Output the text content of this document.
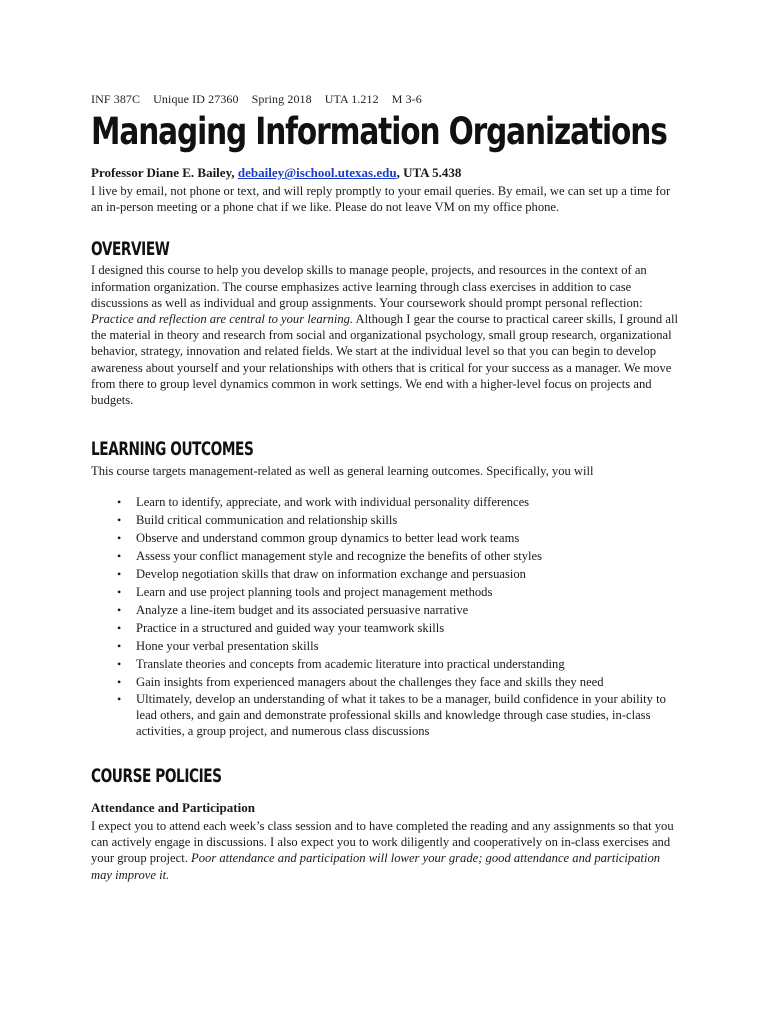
INF 387C Unique ID 27360 Spring 2018 UTA 1.212 M 3-6
Managing Information Organizations
Professor Diane E. Bailey, debailey@ischool.utexas.edu, UTA 5.438

I live by email, not phone or text, and will reply promptly to your email queries. By email, we can set up a time for an in-person meeting or a phone chat if we like. Please do not leave VM on my office phone.

OVERVIEW

I designed this course to help you develop skills to manage people, projects, and resources in the context of an information organization. The course emphasizes active learning through class exercises in addition to case discussions as well as individual and group assignments. Your coursework should prompt personal reflection: Practice and reflection are central to your learning. Although I gear the course to practical career skills, I ground all the material in theory and research from social and organizational psychology, small group research, organizational behavior, strategy, innovation and related fields. We start at the individual level so that you can begin to develop awareness about yourself and your relationships with others that is critical for your success as a manager. We move from there to group level dynamics common in work settings. We end with a higher-level focus on projects and budgets.

LEARNING OUTCOMES

This course targets management-related as well as general learning outcomes. Specifically, you will

• Learn to identify, appreciate, and work with individual personality differences
• Build critical communication and relationship skills
• Observe and understand common group dynamics to better lead work teams
• Assess your conflict management style and recognize the benefits of other styles
• Develop negotiation skills that draw on information exchange and persuasion
• Learn and use project planning tools and project management methods
• Analyze a line-item budget and its associated persuasive narrative
• Practice in a structured and guided way your teamwork skills
• Hone your verbal presentation skills
• Translate theories and concepts from academic literature into practical understanding
• Gain insights from experienced managers about the challenges they face and skills they need
• Ultimately, develop an understanding of what it takes to be a manager, build confidence in your ability to lead others, and gain and demonstrate professional skills and knowledge through case studies, in-class activities, a group project, and numerous class discussions
COURSE POLICIES
Attendance and Participation

I expect you to attend each week’s class session and to have completed the reading and any assignments so that you can actively engage in discussions. I also expect you to work diligently and cooperatively on in-class exercises and your group project. Poor attendance and participation will lower your grade; good attendance and participation may improve it.
